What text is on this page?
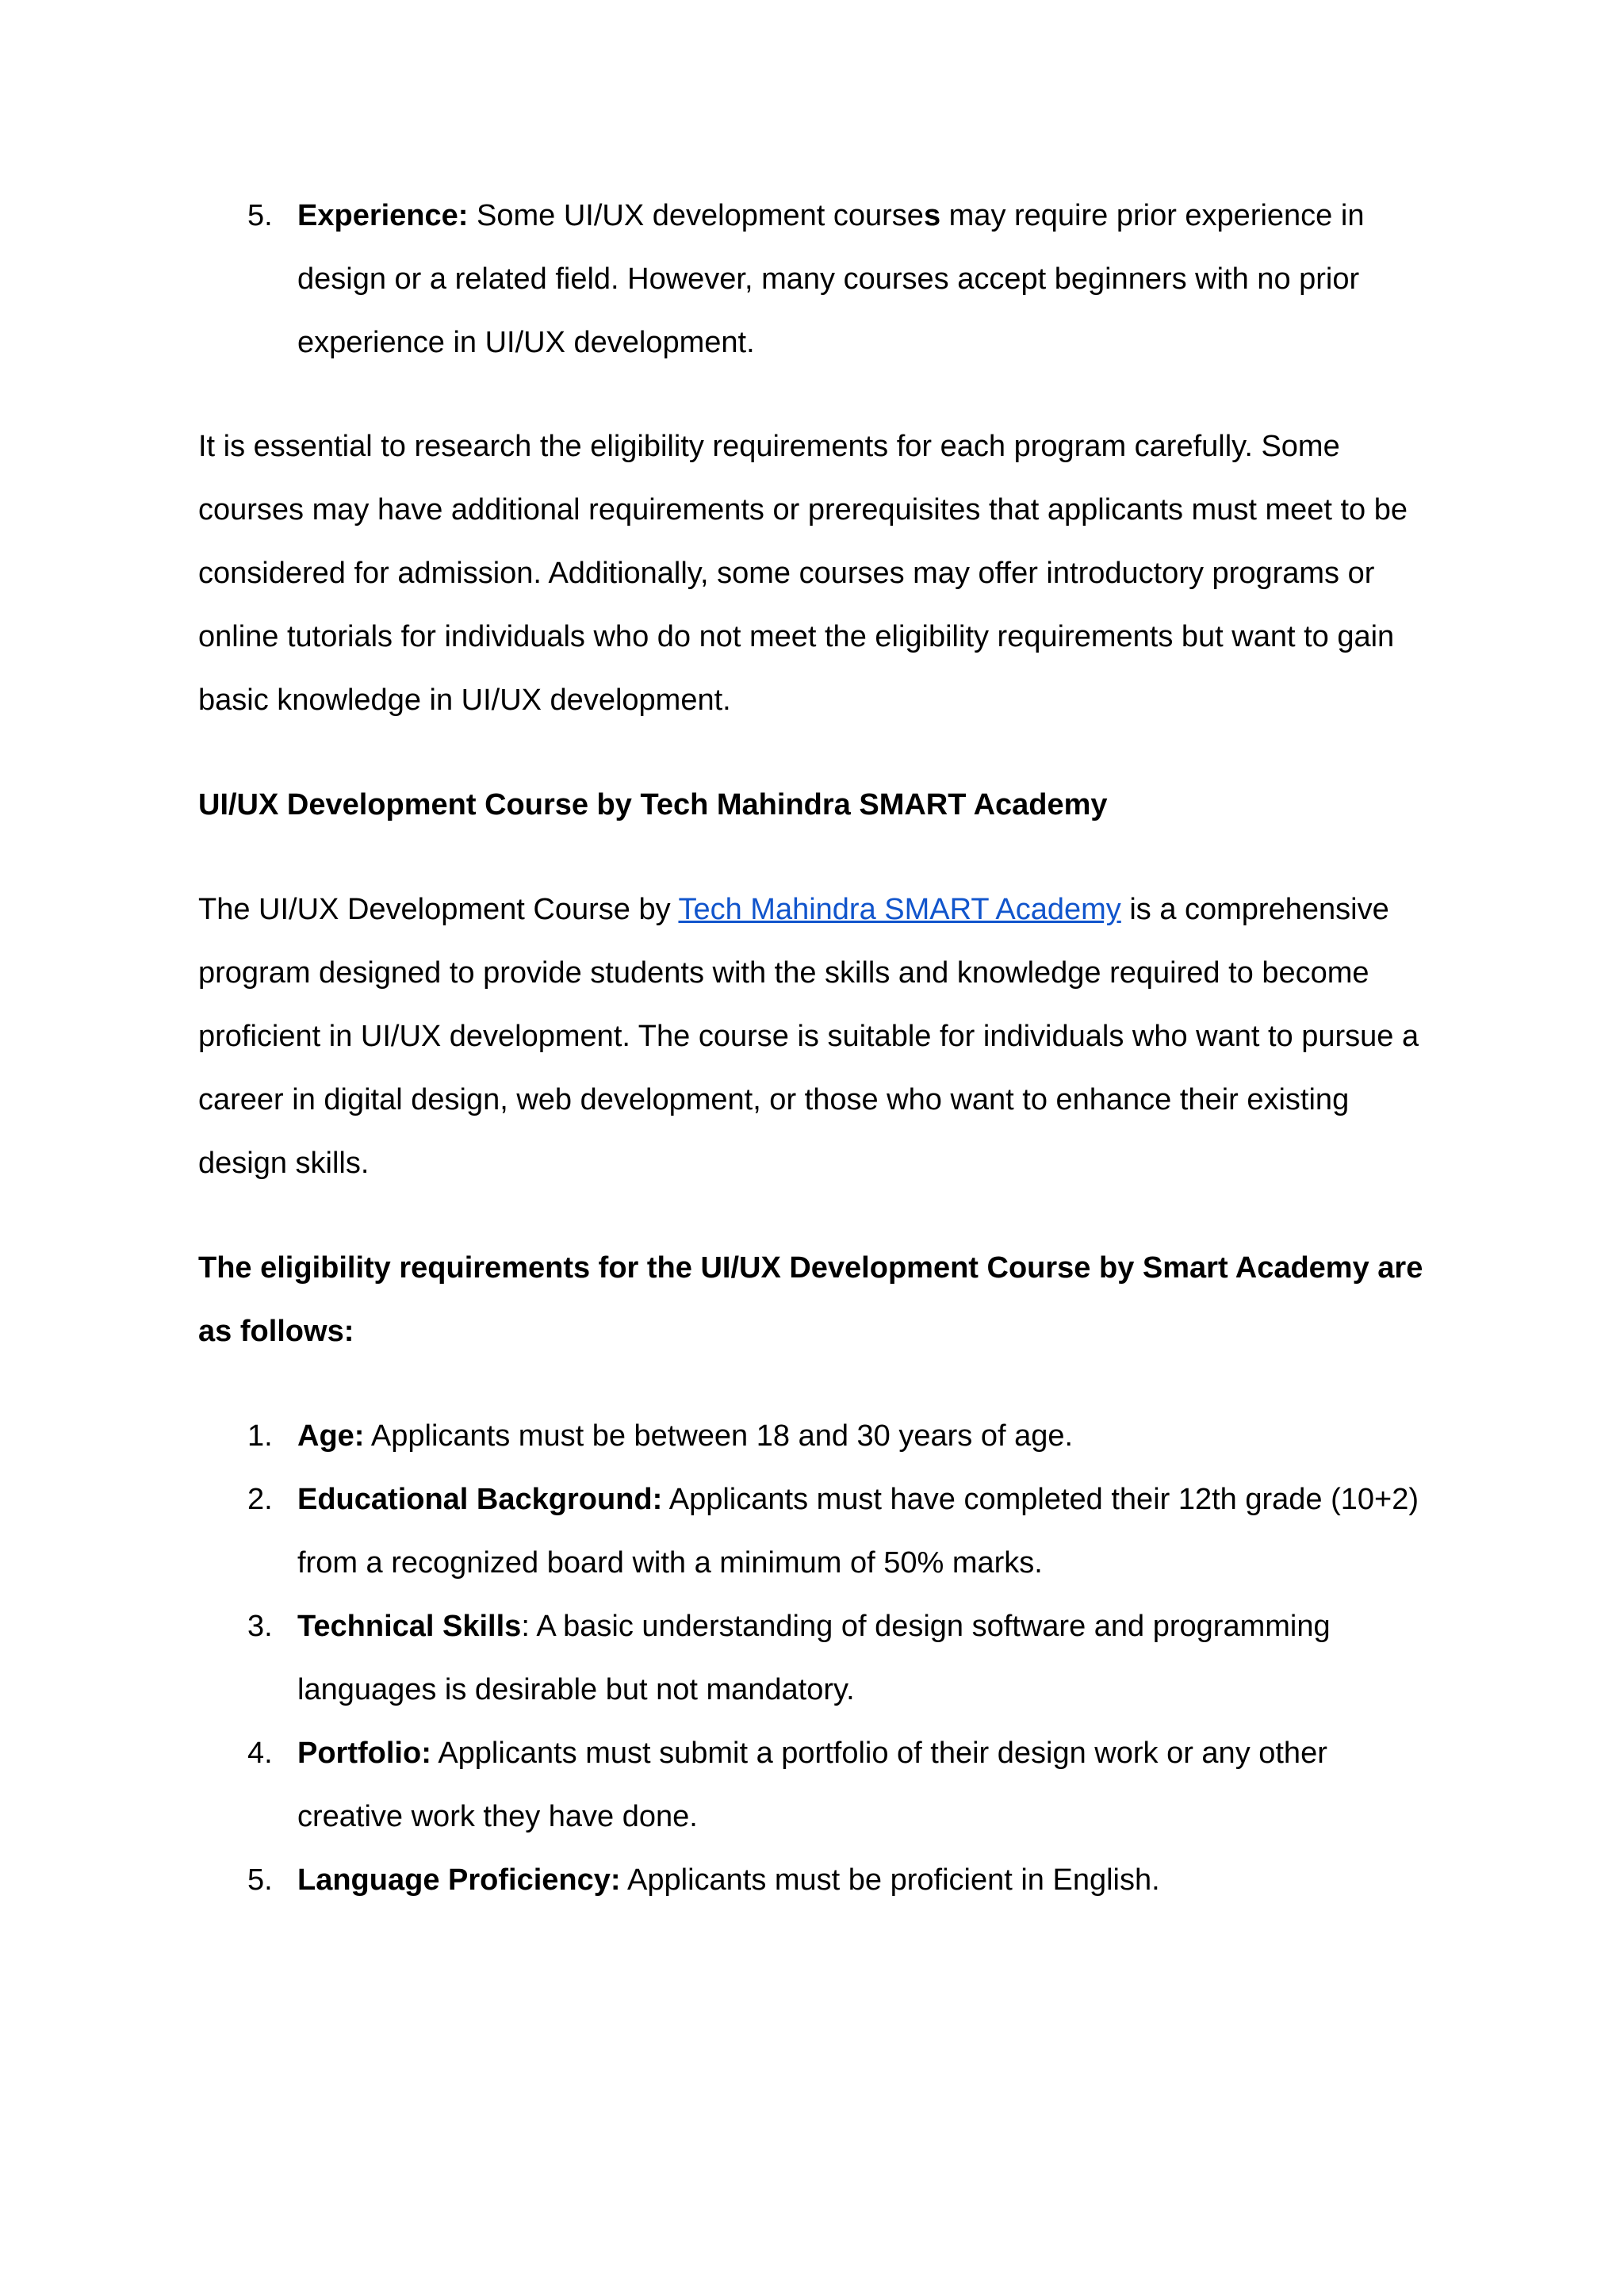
5. Experience: Some UI/UX development courses may require prior experience in design or a related field. However, many courses accept beginners with no prior experience in UI/UX development.

It is essential to research the eligibility requirements for each program carefully. Some courses may have additional requirements or prerequisites that applicants must meet to be considered for admission. Additionally, some courses may offer introductory programs or online tutorials for individuals who do not meet the eligibility requirements but want to gain basic knowledge in UI/UX development.

UI/UX Development Course by Tech Mahindra SMART Academy

The UI/UX Development Course by Tech Mahindra SMART Academy is a comprehensive program designed to provide students with the skills and knowledge required to become proficient in UI/UX development. The course is suitable for individuals who want to pursue a career in digital design, web development, or those who want to enhance their existing design skills.

The eligibility requirements for the UI/UX Development Course by Smart Academy are as follows:

1. Age: Applicants must be between 18 and 30 years of age.
2. Educational Background: Applicants must have completed their 12th grade (10+2) from a recognized board with a minimum of 50% marks.
3. Technical Skills: A basic understanding of design software and programming languages is desirable but not mandatory.
4. Portfolio: Applicants must submit a portfolio of their design work or any other creative work they have done.
5. Language Proficiency: Applicants must be proficient in English.
